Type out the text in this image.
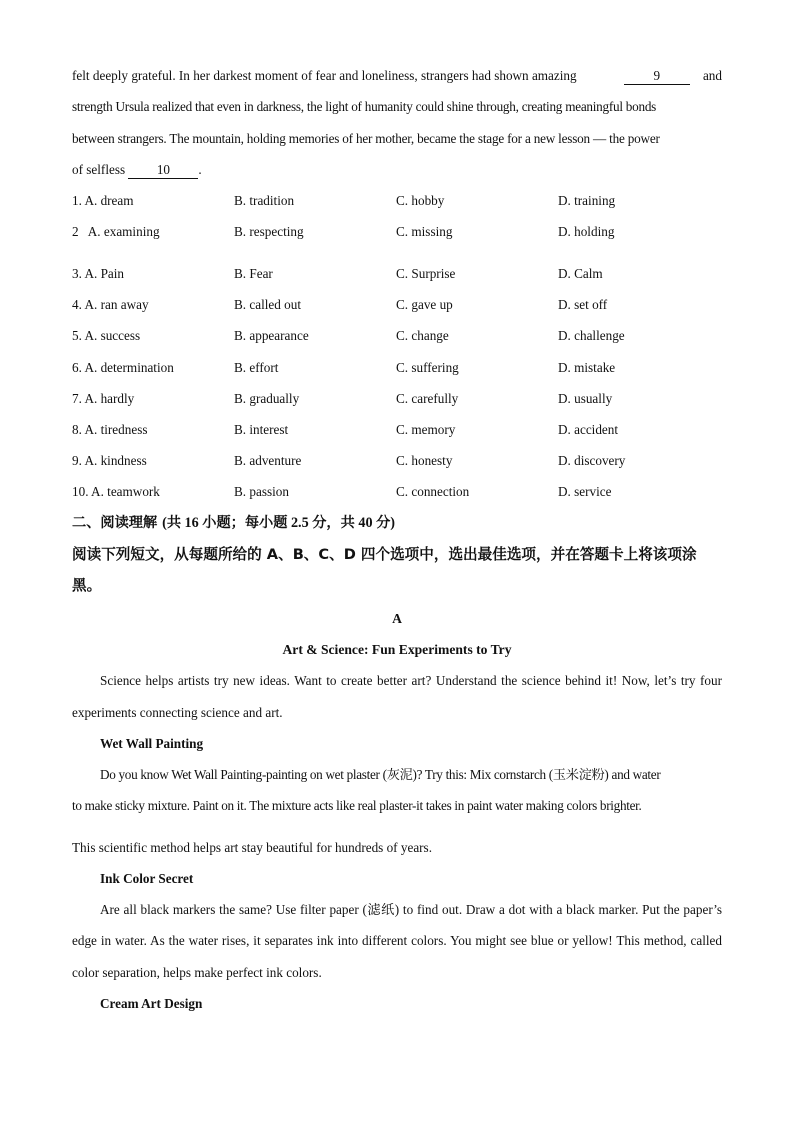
felt deeply grateful. In her darkest moment of fear and loneliness, strangers had shown amazing	9	and
strength Ursula realized that even in darkness, the light of humanity could shine through, creating meaningful bonds
between strangers. The mountain, holding memories of her mother, became the stage for a new lesson — the power
of selfless 10 .
1. A. dream	B. tradition	C. hobby	D. training
2   A. examining	B. respecting	C. missing	D. holding
3. A. Pain	B. Fear	C. Surprise	D. Calm
4. A. ran away	B. called out	C. gave up	D. set off
5. A. success	B. appearance	C. change	D. challenge
6. A. determination	B. effort	C. suffering	D. mistake
7. A. hardly	B. gradually	C. carefully	D. usually
8. A. tiredness	B. interest	C. memory	D. accident
9. A. kindness	B. adventure	C. honesty	D. discovery
10. A. teamwork	B. passion	C. connection	D. service

二、阅读理解 (共 16 小题；每小题 2.5 分，共 40 分)

阅读下列短文，从每题所给的 A、B、C、D 四个选项中，选出最佳选项，并在答题卡上将该项涂黑。

A

Art & Science: Fun Experiments to Try

Science helps artists try new ideas. Want to create better art? Understand the science behind it! Now, let’s try four experiments connecting science and art.

Wet Wall Painting

Do you know Wet Wall Painting-painting on wet plaster (灰泥)? Try this: Mix cornstarch (玉米淀粉) and water
to make sticky mixture. Paint on it. The mixture acts like real plaster-it takes in paint water making colors brighter.
This scientific method helps art stay beautiful for hundreds of years.

Ink Color Secret

Are all black markers the same? Use filter paper (滤纸) to find out. Draw a dot with a black marker. Put the paper’s edge in water. As the water rises, it separates ink into different colors. You might see blue or yellow! This method, called color separation, helps make perfect ink colors.

Cream Art Design
